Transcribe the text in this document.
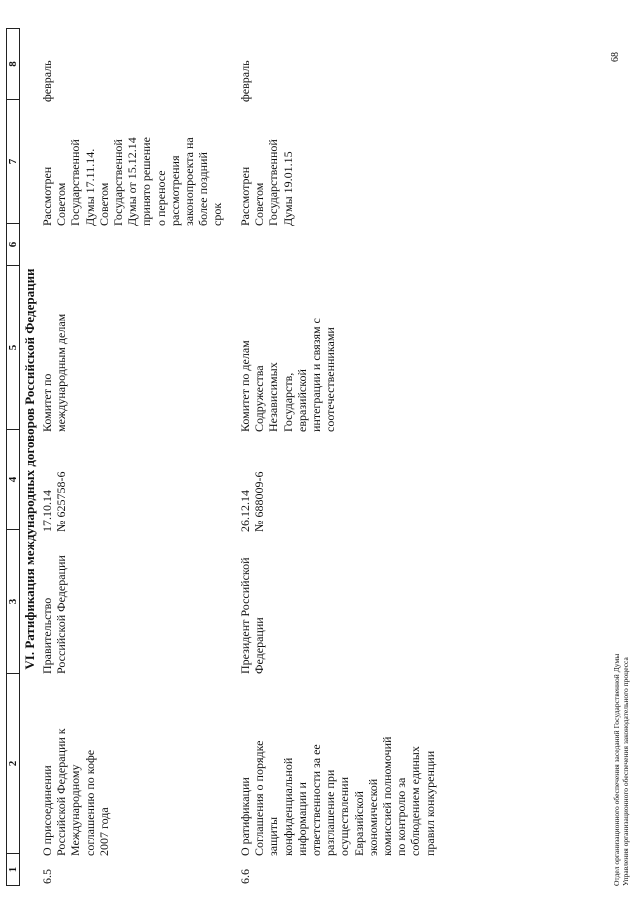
1
2
3
4
5
6
7
8
VI. Ратификация международных договоров Российской Федерации
6.5
О присоединении
Российской Федерации к
Международному
соглашению по кофе
2007 года
Правительство
Российской Федерации
17.10.14
№ 625758-6
Комитет по
международным делам
Рассмотрен
Советом
Государственной
Думы 17.11.14.
Советом
Государственной
Думы от 15.12.14
принято решение
о переносе
рассмотрения
законопроекта на
более поздний
срок
февраль
6.6
О ратификации
Соглашения о порядке
защиты
конфиденциальной
информации и
ответственности за ее
разглашение при
осуществлении
Евразийской
экономической
комиссией полномочий
по контролю за
соблюдением единых
правил конкуренции
Президент Российской
Федерации
26.12.14
№ 688009-6
Комитет по делам
Содружества
Независимых
Государств,
евразийской
интеграции и связям с
соотечественниками
Рассмотрен
Советом
Государственной
Думы 19.01.15
февраль
Отдел организационного обеспечения заседаний Государственной Думы
Управления организационного обеспечения законодательного процесса
68
